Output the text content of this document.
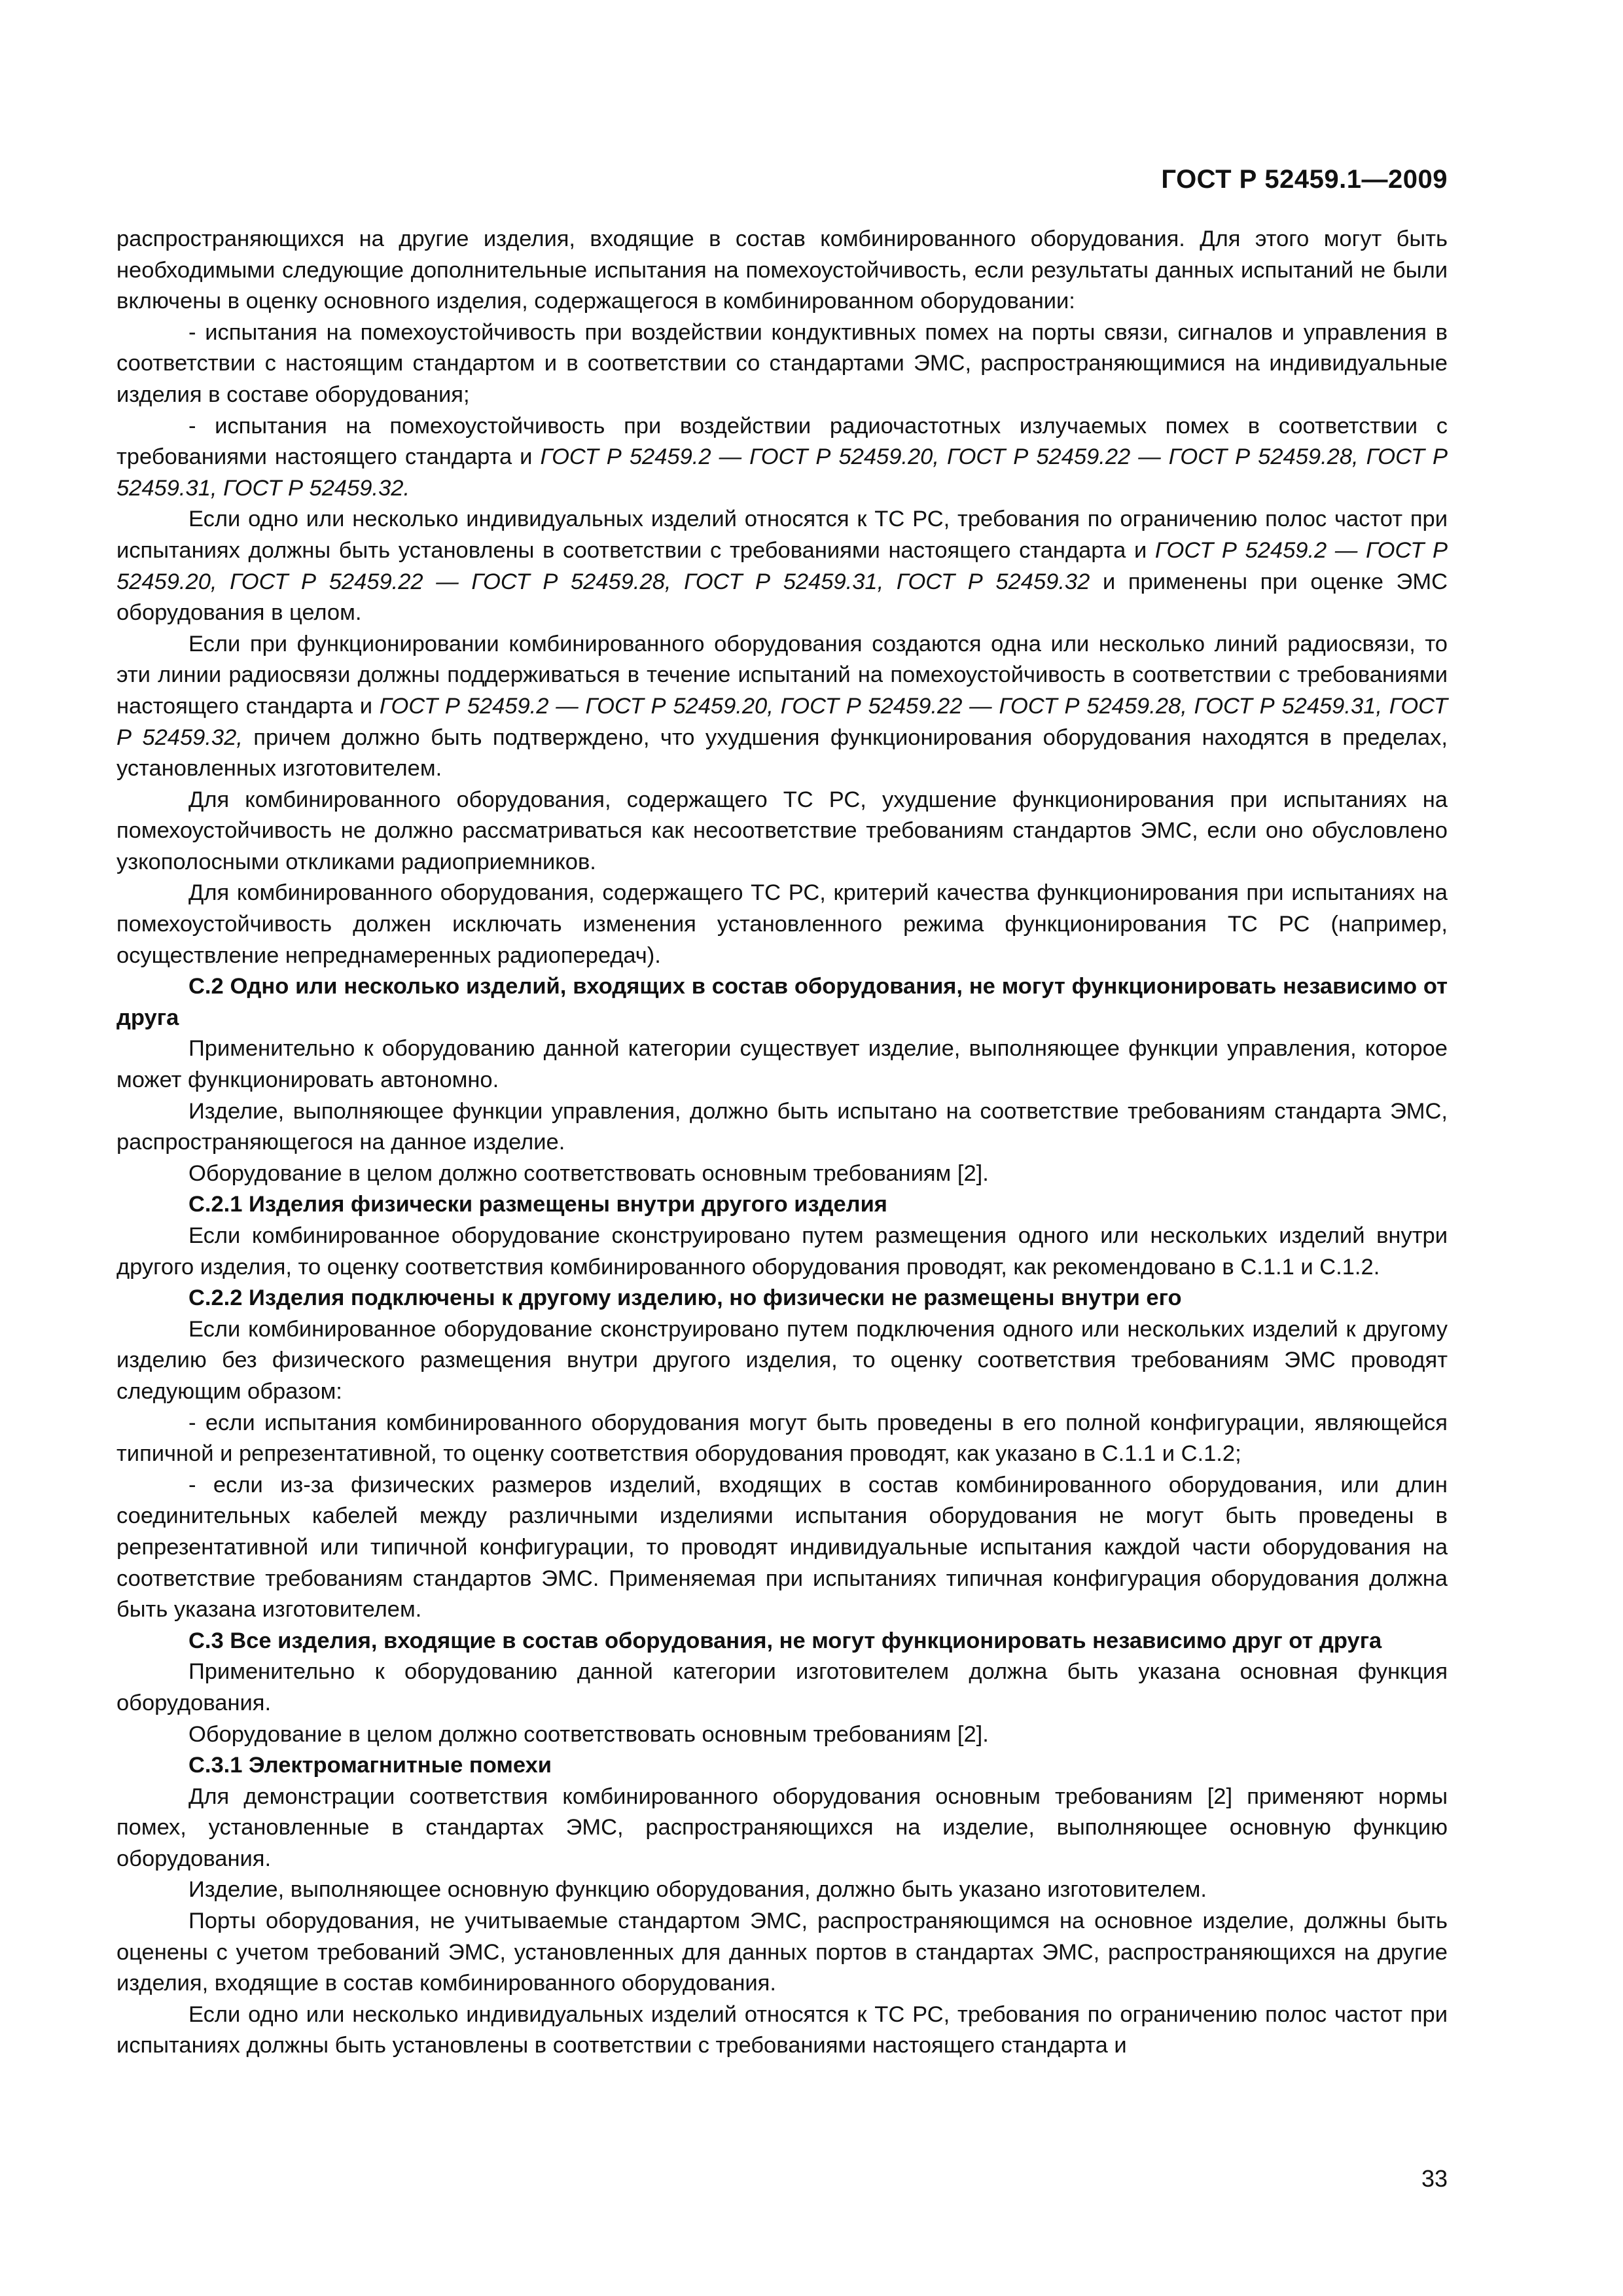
ГОСТ Р 52459.1—2009

распространяющихся на другие изделия, входящие в состав комбинированного оборудования. Для этого могут быть необходимыми следующие дополнительные испытания на помехоустойчивость, если результаты данных испытаний не были включены в оценку основного изделия, содержащегося в комбинированном оборудовании:

- испытания на помехоустойчивость при воздействии кондуктивных помех на порты связи, сигналов и управления в соответствии с настоящим стандартом и в соответствии со стандартами ЭМС, распространяющимися на индивидуальные изделия в составе оборудования;

- испытания на помехоустойчивость при воздействии радиочастотных излучаемых помех в соответствии с требованиями настоящего стандарта и ГОСТ Р 52459.2 — ГОСТ Р 52459.20, ГОСТ Р 52459.22 — ГОСТ Р 52459.28, ГОСТ Р 52459.31, ГОСТ Р 52459.32.

Если одно или несколько индивидуальных изделий относятся к ТС РС, требования по ограничению полос частот при испытаниях должны быть установлены в соответствии с требованиями настоящего стандарта и ГОСТ Р 52459.2 — ГОСТ Р 52459.20, ГОСТ Р 52459.22 — ГОСТ Р 52459.28, ГОСТ Р 52459.31, ГОСТ Р 52459.32 и применены при оценке ЭМС оборудования в целом.

Если при функционировании комбинированного оборудования создаются одна или несколько линий радиосвязи, то эти линии радиосвязи должны поддерживаться в течение испытаний на помехоустойчивость в соответствии с требованиями настоящего стандарта и ГОСТ Р 52459.2 — ГОСТ Р 52459.20, ГОСТ Р 52459.22 — ГОСТ Р 52459.28, ГОСТ Р 52459.31, ГОСТ Р 52459.32, причем должно быть подтверждено, что ухудшения функционирования оборудования находятся в пределах, установленных изготовителем.

Для комбинированного оборудования, содержащего ТС РС, ухудшение функционирования при испытаниях на помехоустойчивость не должно рассматриваться как несоответствие требованиям стандартов ЭМС, если оно обусловлено узкополосными откликами радиоприемников.

Для комбинированного оборудования, содержащего ТС РС, критерий качества функционирования при испытаниях на помехоустойчивость должен исключать изменения установленного режима функционирования ТС РС (например, осуществление непреднамеренных радиопередач).

С.2 Одно или несколько изделий, входящих в состав оборудования, не могут функционировать независимо от друга

Применительно к оборудованию данной категории существует изделие, выполняющее функции управления, которое может функционировать автономно.

Изделие, выполняющее функции управления, должно быть испытано на соответствие требованиям стандарта ЭМС, распространяющегося на данное изделие.

Оборудование в целом должно соответствовать основным требованиям [2].

С.2.1 Изделия физически размещены внутри другого изделия

Если комбинированное оборудование сконструировано путем размещения одного или нескольких изделий внутри другого изделия, то оценку соответствия комбинированного оборудования проводят, как рекомендовано в С.1.1 и С.1.2.

С.2.2 Изделия подключены к другому изделию, но физически не размещены внутри его

Если комбинированное оборудование сконструировано путем подключения одного или нескольких изделий к другому изделию без физического размещения внутри другого изделия, то оценку соответствия требованиям ЭМС проводят следующим образом:

- если испытания комбинированного оборудования могут быть проведены в его полной конфигурации, являющейся типичной и репрезентативной, то оценку соответствия оборудования проводят, как указано в С.1.1 и С.1.2;

- если из-за физических размеров изделий, входящих в состав комбинированного оборудования, или длин соединительных кабелей между различными изделиями испытания оборудования не могут быть проведены в репрезентативной или типичной конфигурации, то проводят индивидуальные испытания каждой части оборудования на соответствие требованиям стандартов ЭМС. Применяемая при испытаниях типичная конфигурация оборудования должна быть указана изготовителем.

С.3 Все изделия, входящие в состав оборудования, не могут функционировать независимо друг от друга

Применительно к оборудованию данной категории изготовителем должна быть указана основная функция оборудования.

Оборудование в целом должно соответствовать основным требованиям [2].

С.3.1 Электромагнитные помехи

Для демонстрации соответствия комбинированного оборудования основным требованиям [2] применяют нормы помех, установленные в стандартах ЭМС, распространяющихся на изделие, выполняющее основную функцию оборудования.

Изделие, выполняющее основную функцию оборудования, должно быть указано изготовителем.

Порты оборудования, не учитываемые стандартом ЭМС, распространяющимся на основное изделие, должны быть оценены с учетом требований ЭМС, установленных для данных портов в стандартах ЭМС, распространяющихся на другие изделия, входящие в состав комбинированного оборудования.

Если одно или несколько индивидуальных изделий относятся к ТС РС, требования по ограничению полос частот при испытаниях должны быть установлены в соответствии с требованиями настоящего стандарта и

33
